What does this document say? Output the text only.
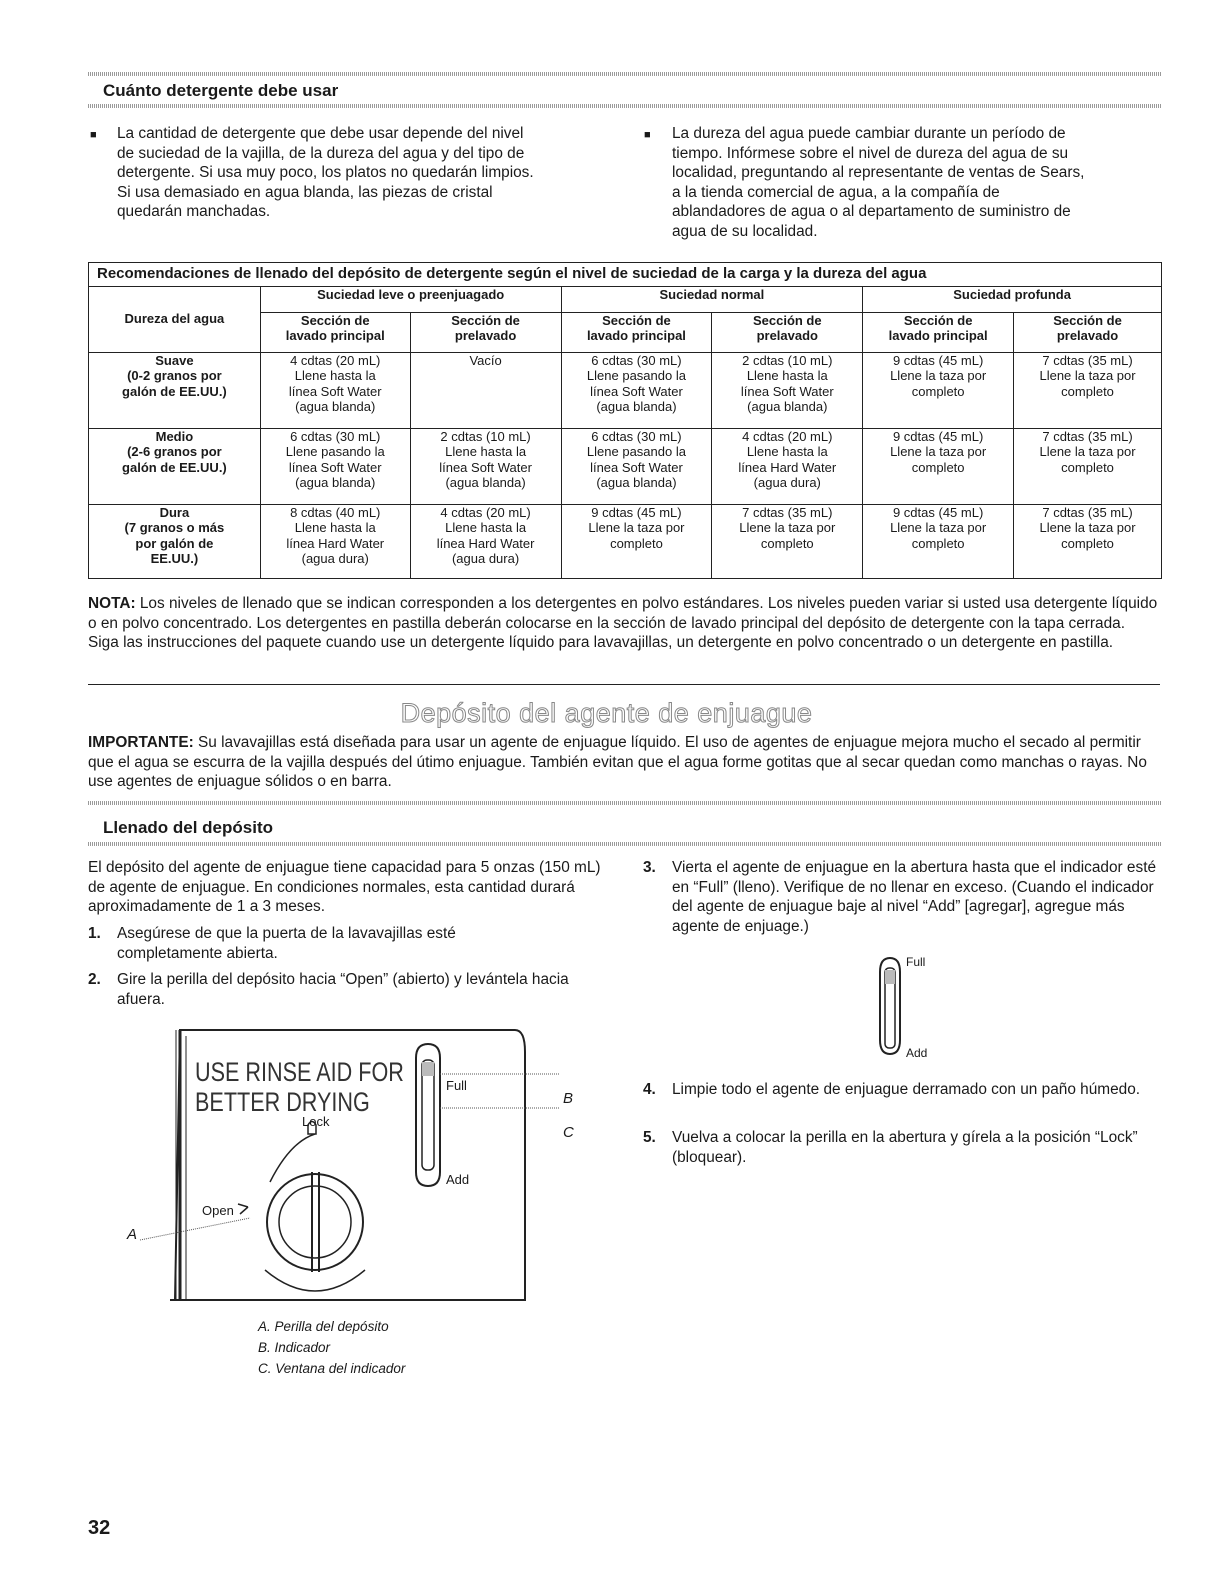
Cuánto detergente debe usar
■ La cantidad de detergente que debe usar depende del nivel
de suciedad de la vajilla, de la dureza del agua y del tipo de
detergente. Si usa muy poco, los platos no quedarán limpios.
Si usa demasiado en agua blanda, las piezas de cristal
quedarán manchadas.
■ La dureza del agua puede cambiar durante un período de
tiempo. Infórmese sobre el nivel de dureza del agua de su
localidad, preguntando al representante de ventas de Sears,
a la tienda comercial de agua, a la compañía de
ablandadores de agua o al departamento de suministro de
agua de su localidad.
Recomendaciones de llenado del depósito de detergente según el nivel de suciedad de la carga y la dureza del agua						
Dureza del agua	Suciedad leve o preenjuagado		Suciedad normal		Suciedad profunda	
	Sección de
lavado principal	Sección de
prelavado	Sección de
lavado principal	Sección de
prelavado	Sección de
lavado principal	Sección de
prelavado
Suave
(0-2 granos por
galón de EE.UU.)	4 cdtas (20 mL)
Llene hasta la
línea Soft Water
(agua blanda)	Vacío	6 cdtas (30 mL)
Llene pasando la
línea Soft Water
(agua blanda)	2 cdtas (10 mL)
Llene hasta la
línea Soft Water
(agua blanda)	9 cdtas (45 mL)
Llene la taza por
completo	7 cdtas (35 mL)
Llene la taza por
completo
Medio
(2-6 granos por
galón de EE.UU.)	6 cdtas (30 mL)
Llene pasando la
línea Soft Water
(agua blanda)	2 cdtas (10 mL)
Llene hasta la
línea Soft Water
(agua blanda)	6 cdtas (30 mL)
Llene pasando la
línea Soft Water
(agua blanda)	4 cdtas (20 mL)
Llene hasta la
línea Hard Water
(agua dura)	9 cdtas (45 mL)
Llene la taza por
completo	7 cdtas (35 mL)
Llene la taza por
completo
Dura
(7 granos o más
por galón de
EE.UU.)	8 cdtas (40 mL)
Llene hasta la
línea Hard Water
(agua dura)	4 cdtas (20 mL)
Llene hasta la
línea Hard Water
(agua dura)	9 cdtas (45 mL)
Llene la taza por
completo	7 cdtas (35 mL)
Llene la taza por
completo	9 cdtas (45 mL)
Llene la taza por
completo	7 cdtas (35 mL)
Llene la taza por
completo
NOTA: Los niveles de llenado que se indican corresponden a los detergentes en polvo estándares. Los niveles pueden variar si usted usa detergente líquido o en polvo concentrado. Los detergentes en pastilla deberán colocarse en la sección de lavado principal del depósito de detergente con la tapa cerrada. Siga las instrucciones del paquete cuando use un detergente líquido para lavavajillas, un detergente en polvo concentrado o un detergente en pastilla.
Depósito del agente de enjuague
IMPORTANTE: Su lavavajillas está diseñada para usar un agente de enjuague líquido. El uso de agentes de enjuague mejora mucho el secado al permitir que el agua se escurra de la vajilla después del útimo enjuague. También evitan que el agua forme gotitas que al secar quedan como manchas o rayas. No use agentes de enjuague sólidos o en barra.
Llenado del depósito
El depósito del agente de enjuague tiene capacidad para 5 onzas (150 mL) de agente de enjuague. En condiciones normales, esta cantidad durará aproximadamente de 1 a 3 meses.
1.	Asegúrese de que la puerta de la lavavajillas esté completamente abierta.
2.	Gire la perilla del depósito hacia “Open” (abierto) y levántela hacia afuera.
3.	Vierta el agente de enjuague en la abertura hasta que el indicador esté en “Full” (lleno). Verifique de no llenar en exceso. (Cuando el indicador del agente de enjuague baje al nivel “Add” [agregar], agregue más agente de enjuage.)
4.	Limpie todo el agente de enjuague derramado con un paño húmedo.
5.	Vuelva a colocar la perilla en la abertura y gírela a la posición “Lock” (bloquear).
Full
Add
USE RINSE AID FOR
BETTER DRYING
Lock
Open
Full
Add
B
C
A
A. Perilla del depósito
B. Indicador
C. Ventana del indicador
32
